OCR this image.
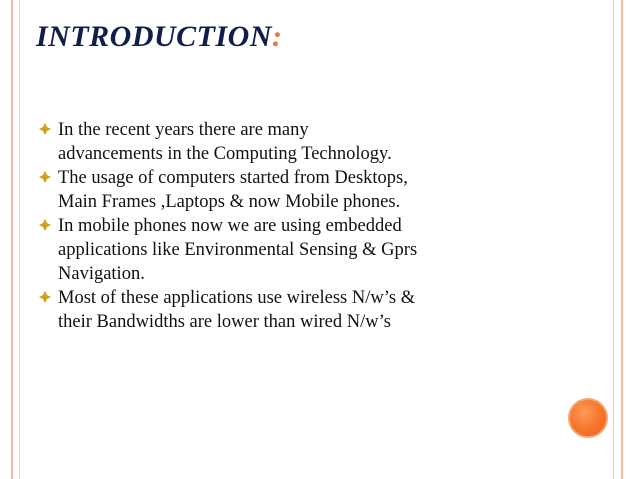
INTRODUCTION:
In the recent years there are many
advancements in the Computing Technology.
The usage of computers started from Desktops,
Main Frames ,Laptops & now Mobile phones.
In mobile phones now we are using embedded
applications like Environmental Sensing & Gprs
Navigation.
Most of these applications use wireless N/w’s &
their Bandwidths are lower than wired N/w’s
